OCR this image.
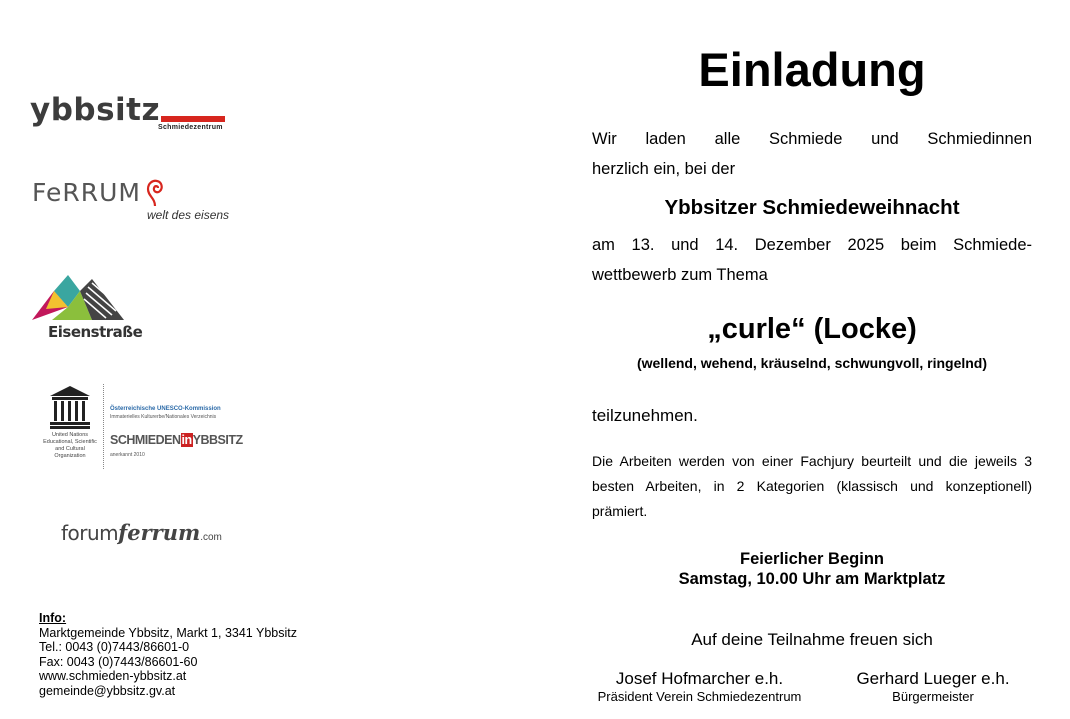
ybbsitz
Schmiedezentrum
FeRRUM
welt des eisens
Eisenstraße
United Nations Educational, Scientific and Cultural Organization
Österreichische UNESCO-Kommission
Immaterielles Kulturerbe/Nationales Verzeichnis
SCHMIEDENinYBBSITZ
anerkannt 2010
forumferrum.com
Info:
Marktgemeinde Ybbsitz, Markt 1, 3341 Ybbsitz
Tel.: 0043 (0)7443/86601-0
Fax: 0043 (0)7443/86601-60
www.schmieden-ybbsitz.at
gemeinde@ybbsitz.gv.at
Einladung
Wir laden alle Schmiede und Schmiedinnen
herzlich ein, bei der
Ybbsitzer Schmiedeweihnacht
am 13. und 14. Dezember 2025 beim Schmiede-
wettbewerb zum Thema
„curle“ (Locke)
(wellend, wehend, kräuselnd, schwungvoll, ringelnd)
teilzunehmen.
Die Arbeiten werden von einer Fachjury beurteilt und die jeweils 3 besten Arbeiten, in 2 Kategorien (klassisch und konzeptionell) prämiert.
Feierlicher Beginn
Samstag, 10.00 Uhr am Marktplatz
Auf deine Teilnahme freuen sich
Josef Hofmarcher e.h.
Präsident Verein Schmiedezentrum
Gerhard Lueger e.h.
Bürgermeister
